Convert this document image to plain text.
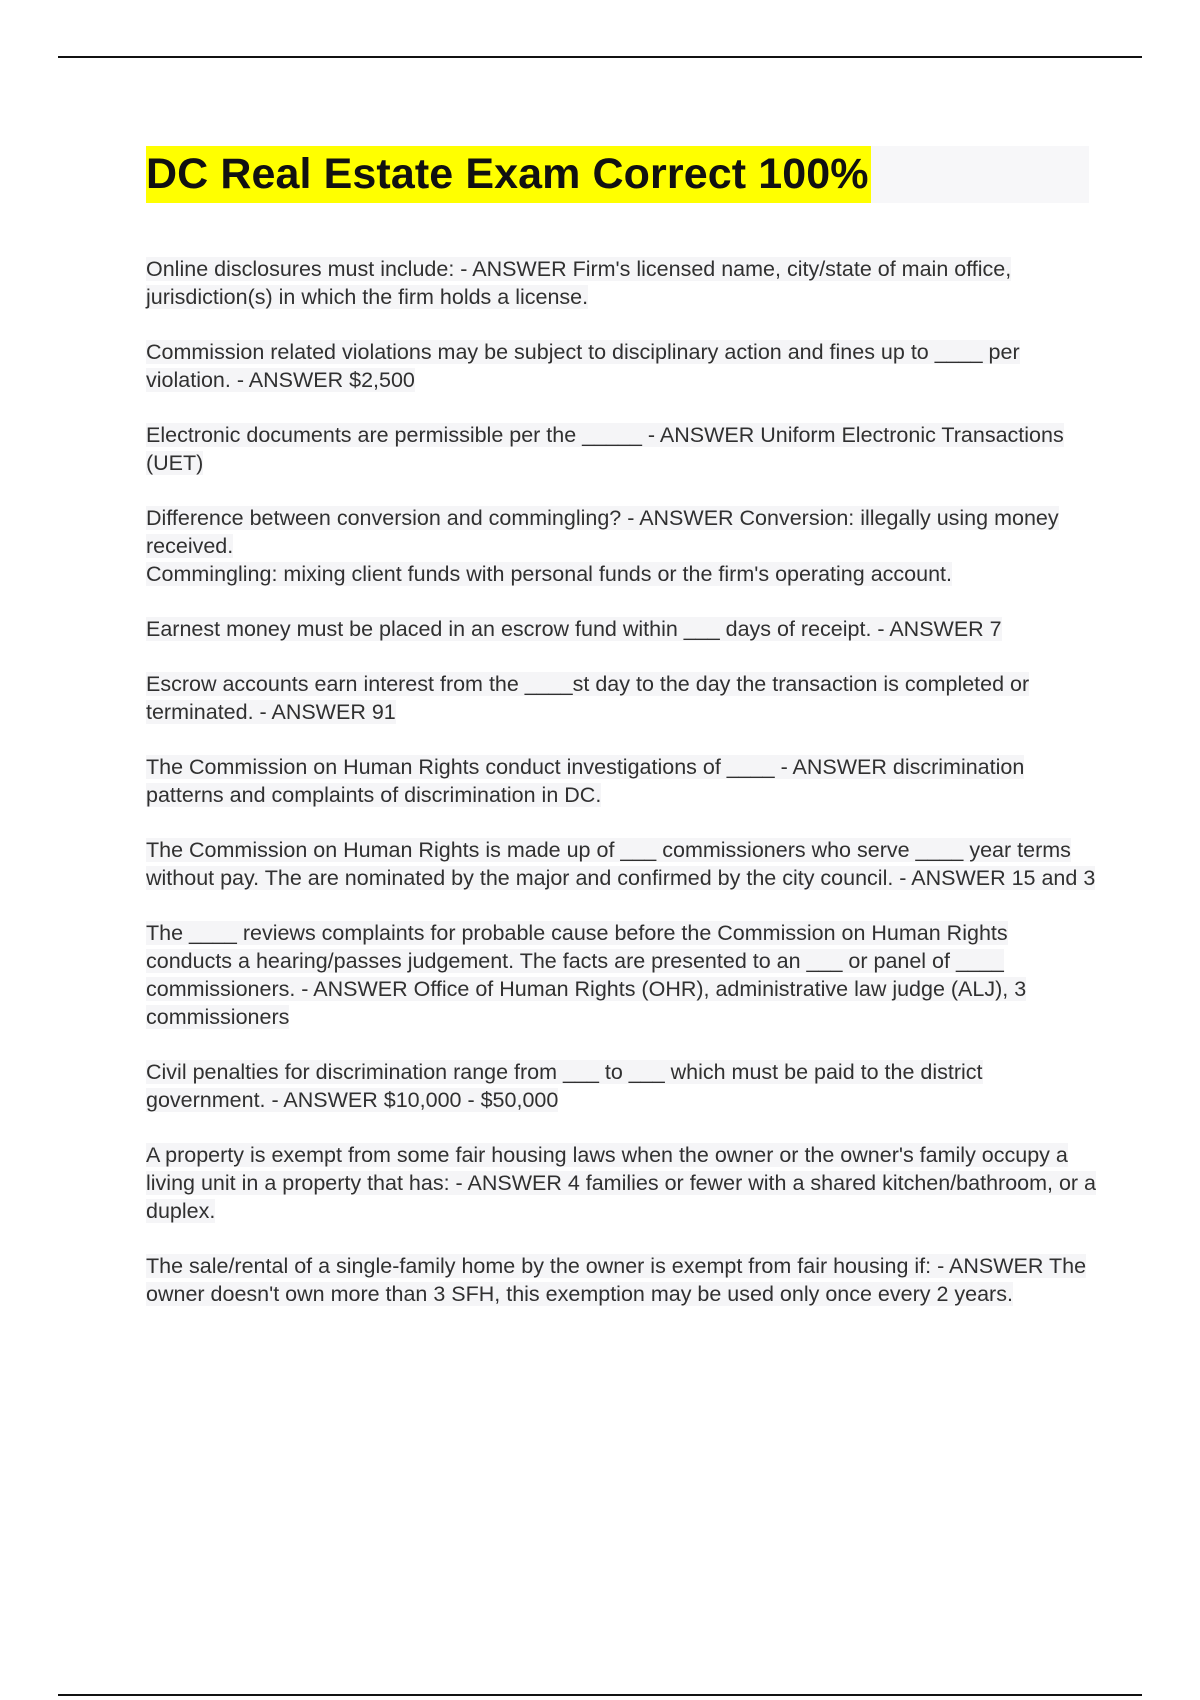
DC Real Estate Exam Correct 100%

Online disclosures must include: - ANSWER Firm's licensed name, city/state of main office, jurisdiction(s) in which the firm holds a license.

Commission related violations may be subject to disciplinary action and fines up to ____ per violation. - ANSWER $2,500

Electronic documents are permissible per the _____ - ANSWER Uniform Electronic Transactions (UET)

Difference between conversion and commingling? - ANSWER Conversion: illegally using money received.

Commingling: mixing client funds with personal funds or the firm's operating account.

Earnest money must be placed in an escrow fund within ___ days of receipt. - ANSWER 7

Escrow accounts earn interest from the ____st day to the day the transaction is completed or terminated. - ANSWER 91

The Commission on Human Rights conduct investigations of ____ - ANSWER discrimination patterns and complaints of discrimination in DC.

The Commission on Human Rights is made up of ___ commissioners who serve ____ year terms without pay. The are nominated by the major and confirmed by the city council. - ANSWER 15 and 3

The ____ reviews complaints for probable cause before the Commission on Human Rights conducts a hearing/passes judgement. The facts are presented to an ___ or panel of ____ commissioners. - ANSWER Office of Human Rights (OHR), administrative law judge (ALJ), 3 commissioners

Civil penalties for discrimination range from ___ to ___ which must be paid to the district government. - ANSWER $10,000 - $50,000

A property is exempt from some fair housing laws when the owner or the owner's family occupy a living unit in a property that has: - ANSWER 4 families or fewer with a shared kitchen/bathroom, or a duplex.

The sale/rental of a single-family home by the owner is exempt from fair housing if: - ANSWER The owner doesn't own more than 3 SFH, this exemption may be used only once every 2 years.
